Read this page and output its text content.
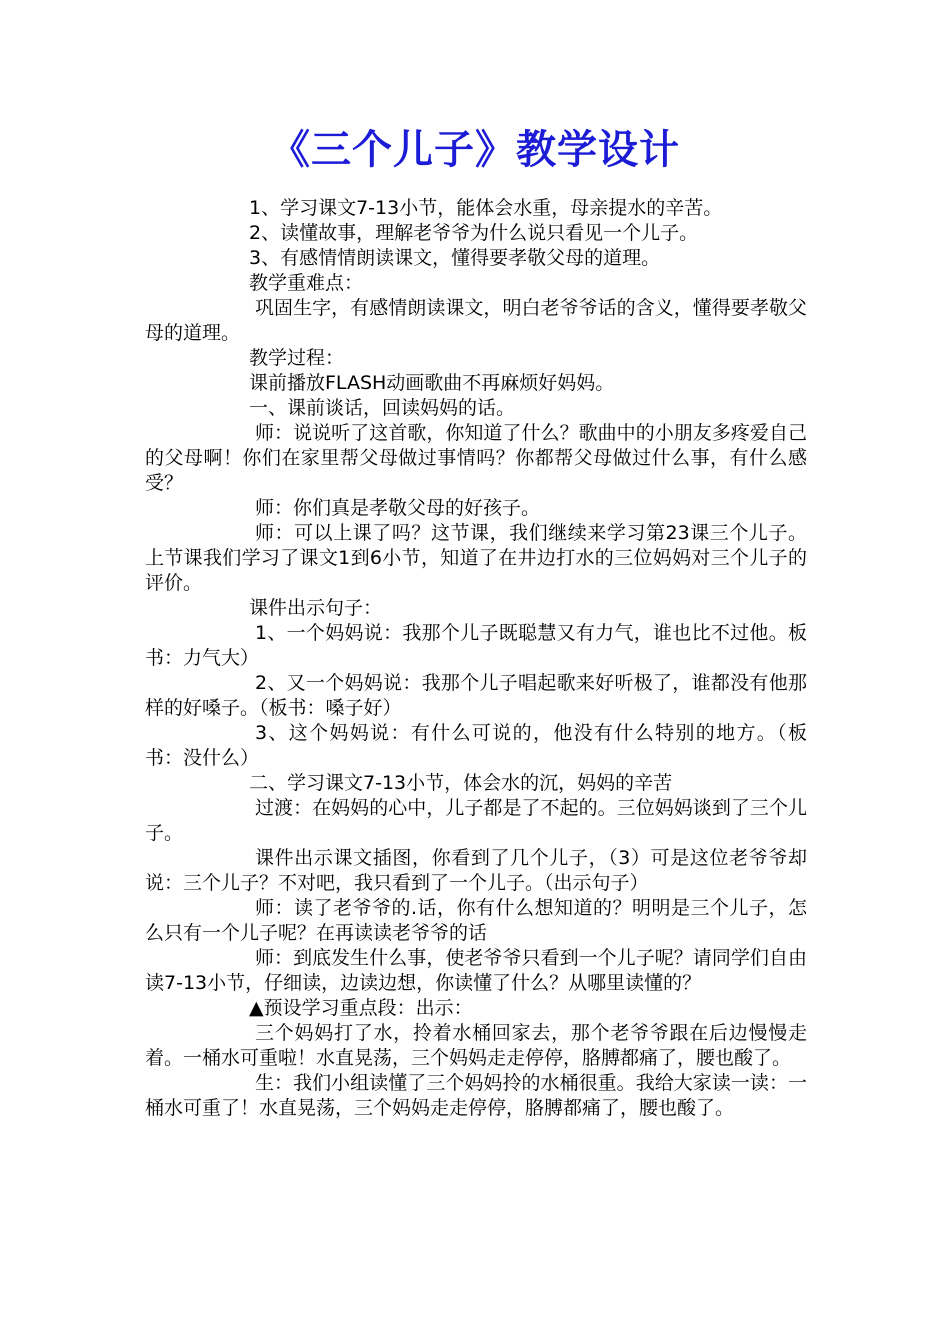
《三个儿子》教学设计

1、学习课文7-13小节，能体会水重，母亲提水的辛苦。

2、读懂故事，理解老爷爷为什么说只看见一个儿子。

3、有感情情朗读课文，懂得要孝敬父母的道理。

教学重难点：

巩固生字，有感情朗读课文，明白老爷爷话的含义，懂得要孝敬父母的道理。

教学过程：

课前播放FLASH动画歌曲不再麻烦好妈妈。

一、课前谈话，回读妈妈的话。

师：说说听了这首歌，你知道了什么？歌曲中的小朋友多疼爱自己的父母啊！你们在家里帮父母做过事情吗？你都帮父母做过什么事，有什么感受？

师：你们真是孝敬父母的好孩子。

师：可以上课了吗？这节课，我们继续来学习第23课三个儿子。上节课我们学习了课文1到6小节，知道了在井边打水的三位妈妈对三个儿子的评价。

课件出示句子：

1、一个妈妈说：我那个儿子既聪慧又有力气，谁也比不过他。板书：力气大）

2、又一个妈妈说：我那个儿子唱起歌来好听极了，谁都没有他那样的好嗓子。（板书：嗓子好）

3、这个妈妈说：有什么可说的，他没有什么特别的地方。（板书：没什么）

二、学习课文7-13小节，体会水的沉，妈妈的辛苦

过渡：在妈妈的心中，儿子都是了不起的。三位妈妈谈到了三个儿子。

课件出示课文插图，你看到了几个儿子，（3）可是这位老爷爷却说：三个儿子？不对吧，我只看到了一个儿子。（出示句子）

师：读了老爷爷的.话，你有什么想知道的？明明是三个儿子，怎么只有一个儿子呢？在再读读老爷爷的话

师：到底发生什么事，使老爷爷只看到一个儿子呢？请同学们自由读7-13小节，仔细读，边读边想，你读懂了什么？从哪里读懂的？

▲预设学习重点段：出示：

三个妈妈打了水，拎着水桶回家去，那个老爷爷跟在后边慢慢走着。一桶水可重啦！水直晃荡，三个妈妈走走停停，胳膊都痛了，腰也酸了。

生：我们小组读懂了三个妈妈拎的水桶很重。我给大家读一读：一桶水可重了！水直晃荡，三个妈妈走走停停，胳膊都痛了，腰也酸了。
